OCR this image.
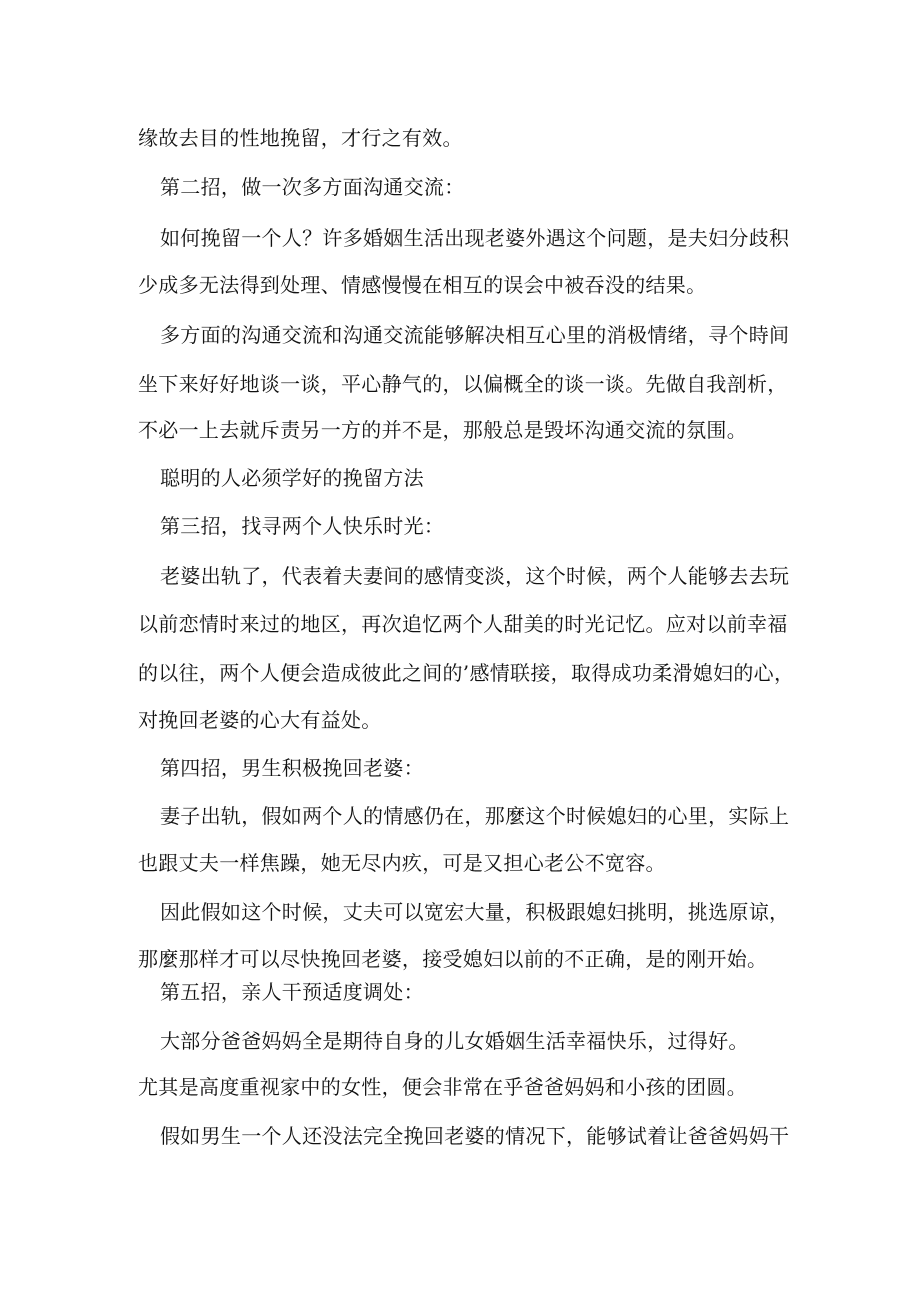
缘故去目的性地挽留，才行之有效。
第二招，做一次多方面沟通交流：
如何挽留一个人？许多婚姻生活出现老婆外遇这个问题，是夫妇分歧积
少成多无法得到处理、情感慢慢在相互的误会中被吞没的结果。
多方面的沟通交流和沟通交流能够解决相互心里的消极情绪，寻个時间
坐下来好好地谈一谈，平心静气的，以偏概全的谈一谈。先做自我剖析，
不必一上去就斥责另一方的并不是，那般总是毁坏沟通交流的氛围。
聪明的人必须学好的挽留方法
第三招，找寻两个人快乐时光：
老婆出轨了，代表着夫妻间的感情变淡，这个时候，两个人能够去去玩
以前恋情时来过的地区，再次追忆两个人甜美的时光记忆。应对以前幸福
的以往，两个人便会造成彼此之间的’感情联接，取得成功柔滑媳妇的心，
对挽回老婆的心大有益处。
第四招，男生积极挽回老婆：
妻子出轨，假如两个人的情感仍在，那麼这个时候媳妇的心里，实际上
也跟丈夫一样焦躁，她无尽内疚，可是又担心老公不宽容。
因此假如这个时候，丈夫可以宽宏大量，积极跟媳妇挑明，挑选原谅，
那麼那样才可以尽快挽回老婆，接受媳妇以前的不正确，是的刚开始。
第五招，亲人干预适度调处：
大部分爸爸妈妈全是期待自身的儿女婚姻生活幸福快乐，过得好。
尤其是高度重视家中的女性，便会非常在乎爸爸妈妈和小孩的团圆。
假如男生一个人还没法完全挽回老婆的情况下，能够试着让爸爸妈妈干
